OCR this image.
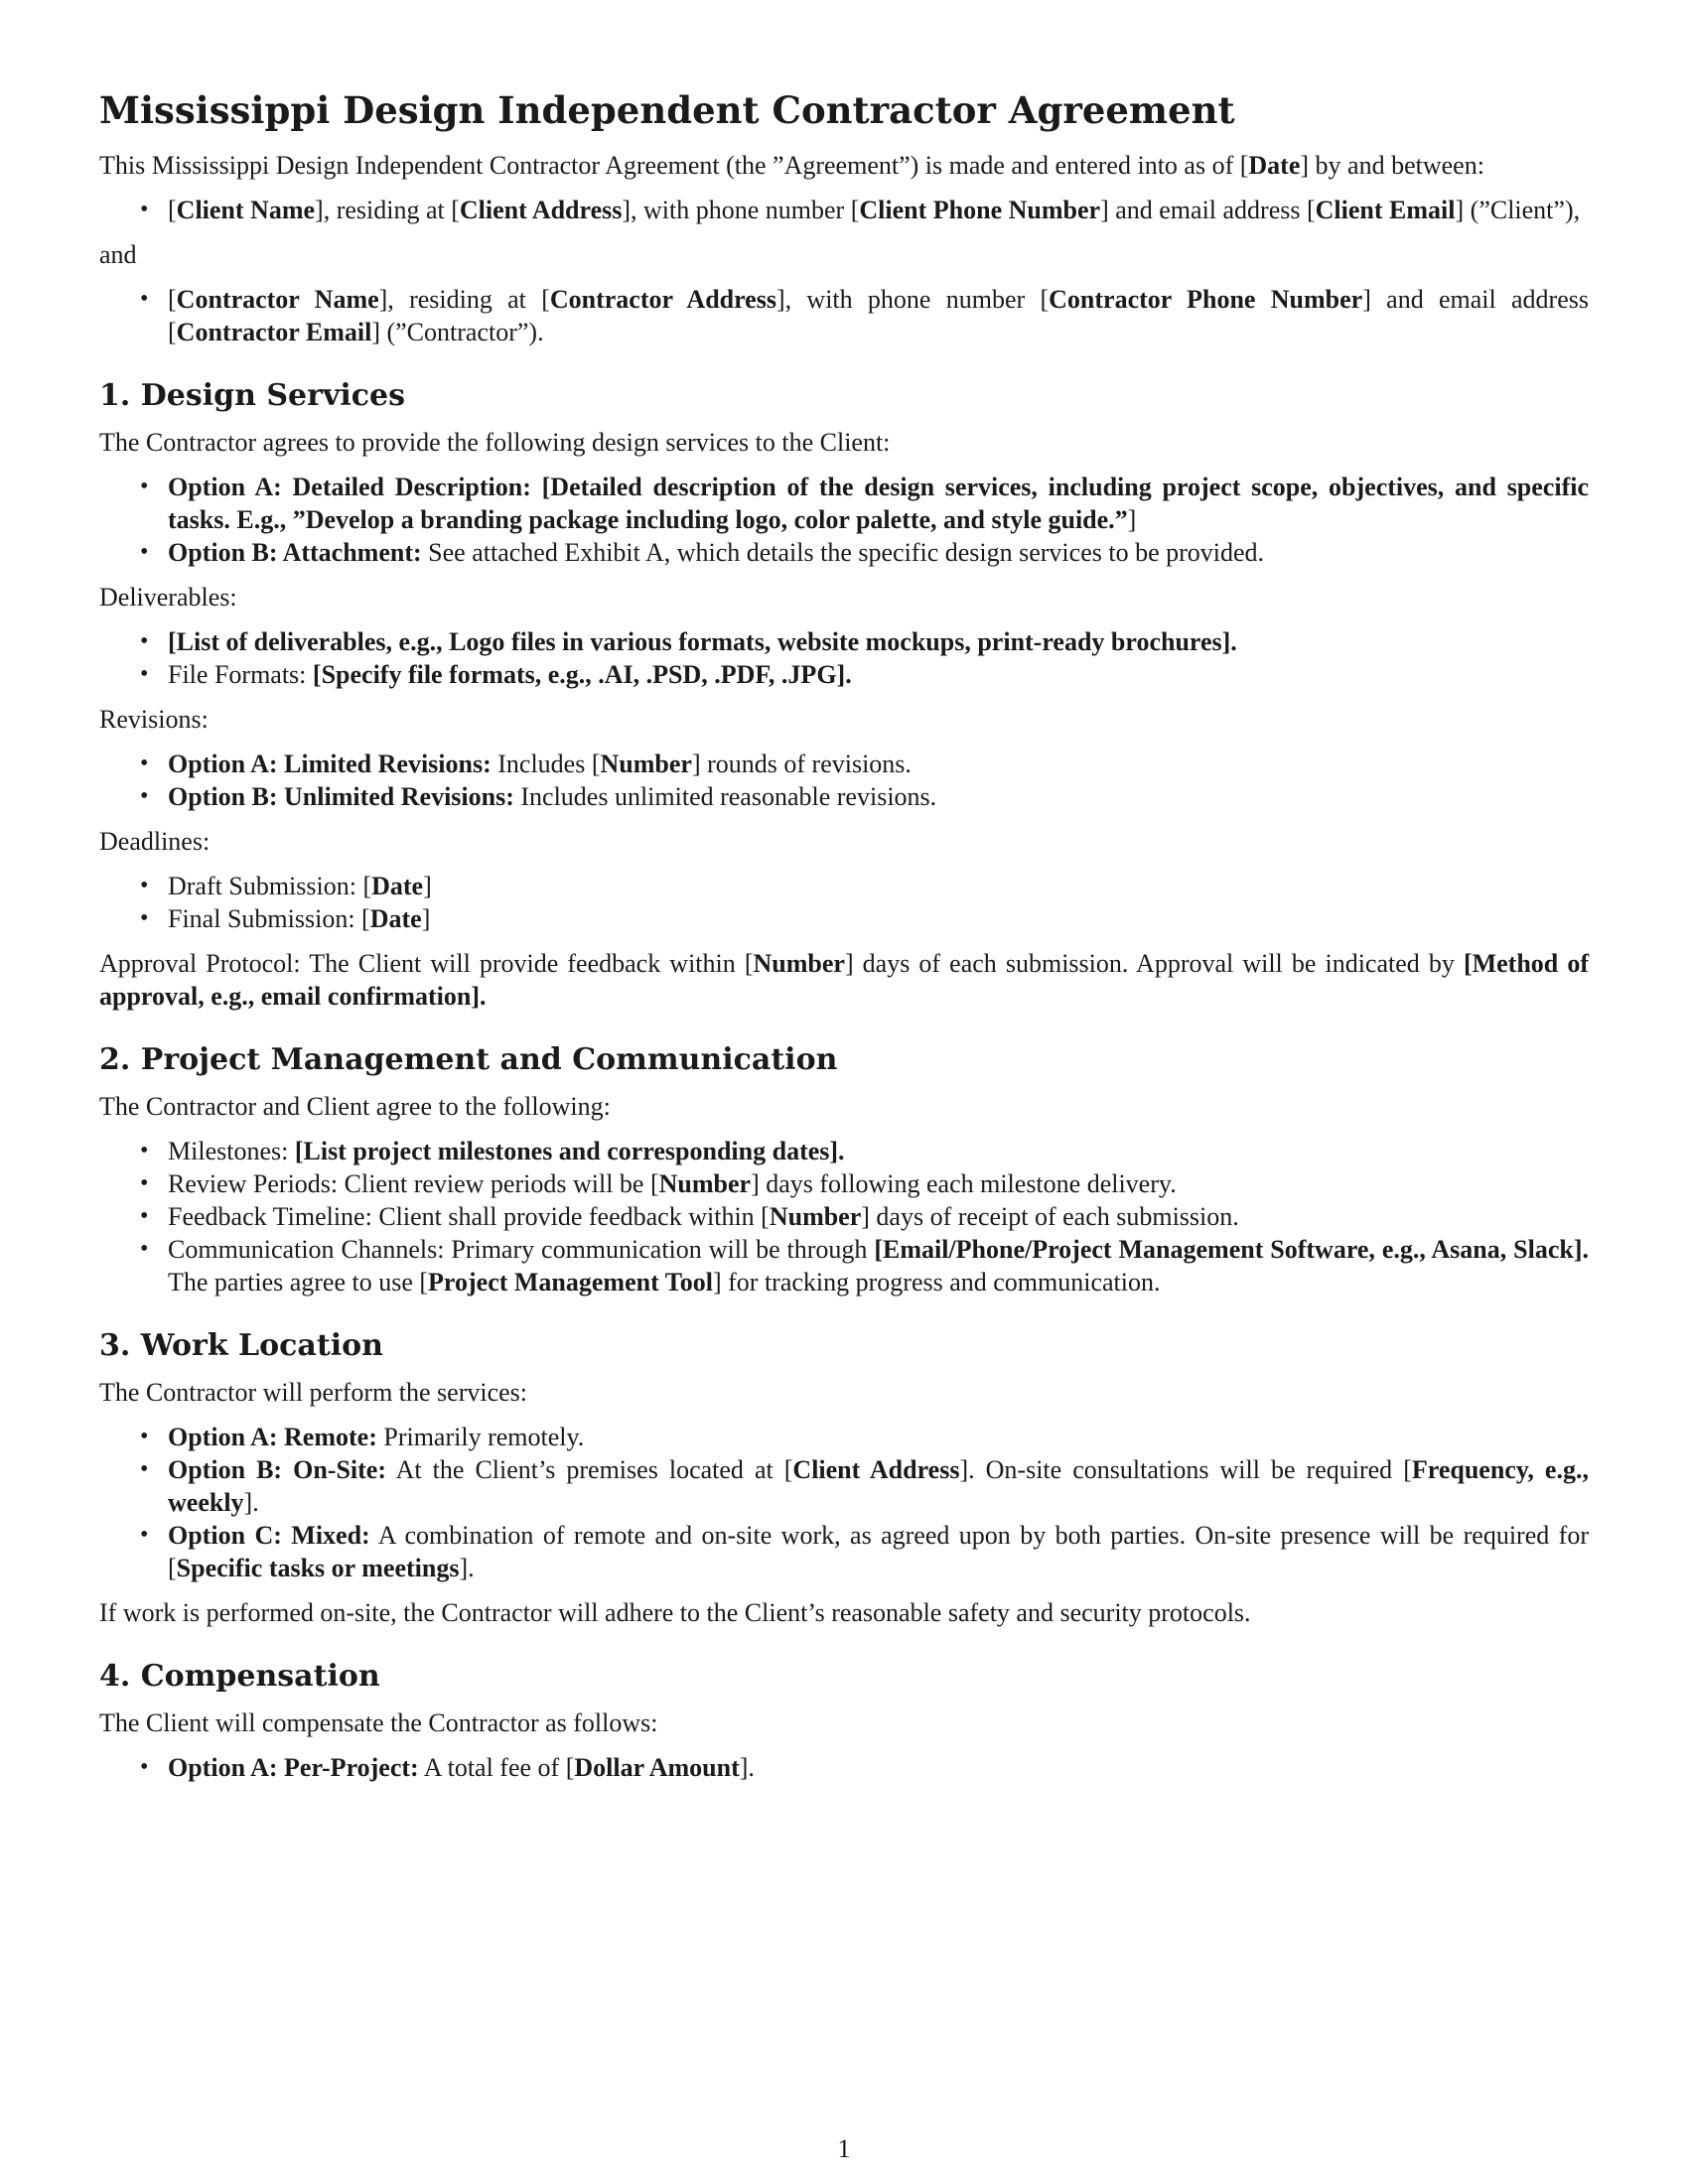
Mississippi Design Independent Contractor Agreement

This Mississippi Design Independent Contractor Agreement (the ”Agreement”) is made and entered into as of [Date] by and between:

• [Client Name], residing at [Client Address], with phone number [Client Phone Number] and email address [Client Email] (”Client”),

and

• [Contractor Name], residing at [Contractor Address], with phone number [Contractor Phone Number] and email address [Contractor Email] (”Contractor”).
1. Design Services

The Contractor agrees to provide the following design services to the Client:

• Option A: Detailed Description: [Detailed description of the design services, including project scope, objectives, and specific tasks. E.g., ”Develop a branding package including logo, color palette, and style guide.”]
• Option B: Attachment: See attached Exhibit A, which details the specific design services to be provided.

Deliverables:

• [List of deliverables, e.g., Logo files in various formats, website mockups, print-ready brochures].
• File Formats: [Specify file formats, e.g., .AI, .PSD, .PDF, .JPG].

Revisions:

• Option A: Limited Revisions: Includes [Number] rounds of revisions.
• Option B: Unlimited Revisions: Includes unlimited reasonable revisions.

Deadlines:

• Draft Submission: [Date]
• Final Submission: [Date]

Approval Protocol: The Client will provide feedback within [Number] days of each submission. Approval will be indicated by [Method of approval, e.g., email confirmation].

2. Project Management and Communication

The Contractor and Client agree to the following:

• Milestones: [List project milestones and corresponding dates].
• Review Periods: Client review periods will be [Number] days following each milestone delivery.
• Feedback Timeline: Client shall provide feedback within [Number] days of receipt of each submission.
• Communication Channels: Primary communication will be through [Email/Phone/Project Management Software, e.g., Asana, Slack]. The parties agree to use [Project Management Tool] for tracking progress and communication.
3. Work Location

The Contractor will perform the services:

• Option A: Remote: Primarily remotely.
• Option B: On-Site: At the Client’s premises located at [Client Address]. On-site consultations will be required [Frequency, e.g., weekly].
• Option C: Mixed: A combination of remote and on-site work, as agreed upon by both parties. On-site presence will be required for [Specific tasks or meetings].

If work is performed on-site, the Contractor will adhere to the Client’s reasonable safety and security protocols.

4. Compensation

The Client will compensate the Contractor as follows:

• Option A: Per-Project: A total fee of [Dollar Amount].
1
